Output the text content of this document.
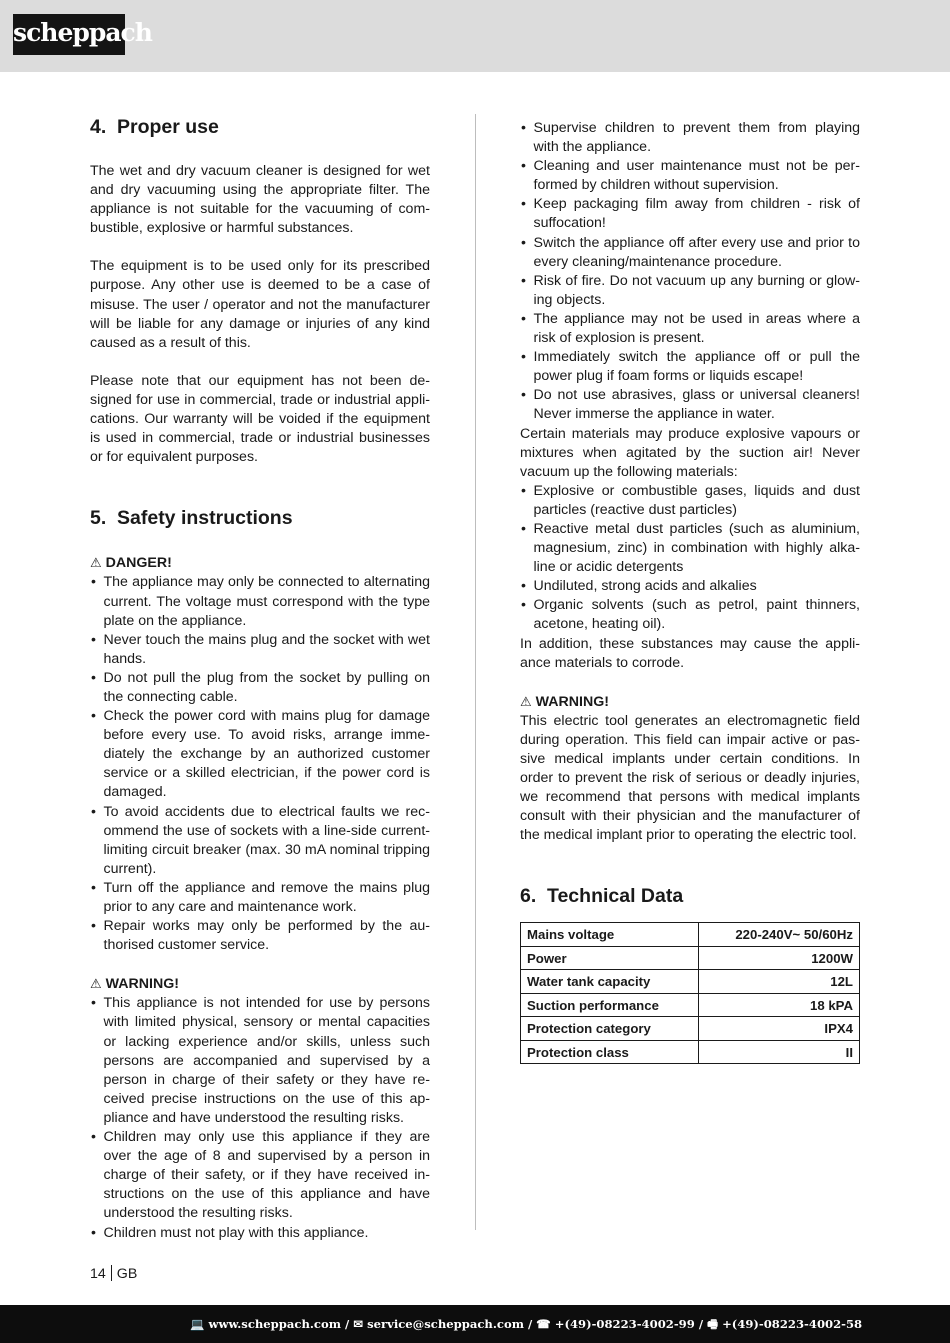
scheppach
4. Proper use

The wet and dry vacuum cleaner is designed for wet and dry vacuuming using the appropriate filter. The appliance is not suitable for the vacuuming of combustible, explosive or harmful substances.

The equipment is to be used only for its prescribed purpose. Any other use is deemed to be a case of misuse. The user / operator and not the manufacturer will be liable for any damage or injuries of any kind caused as a result of this.

Please note that our equipment has not been designed for use in commercial, trade or industrial applications. Our warranty will be voided if the equipment is used in commercial, trade or industrial businesses or for equivalent purposes.

5. Safety instructions

⚠ DANGER!

• The appliance may only be connected to alternating current. The voltage must correspond with the type plate on the appliance.
• Never touch the mains plug and the socket with wet hands.
• Do not pull the plug from the socket by pulling on the connecting cable.
• Check the power cord with mains plug for damage before every use. To avoid risks, arrange immediately the exchange by an authorized customer service or a skilled electrician, if the power cord is damaged.
• To avoid accidents due to electrical faults we recommend the use of sockets with a line-side current-limiting circuit breaker (max. 30 mA nominal tripping current).
• Turn off the appliance and remove the mains plug prior to any care and maintenance work.
• Repair works may only be performed by the authorised customer service.

⚠ WARNING!

• This appliance is not intended for use by persons with limited physical, sensory or mental capacities or lacking experience and/or skills, unless such persons are accompanied and supervised by a person in charge of their safety or they have received precise instructions on the use of this appliance and have understood the resulting risks.
• Children may only use this appliance if they are over the age of 8 and supervised by a person in charge of their safety, or if they have received instructions on the use of this appliance and have understood the resulting risks.
• Children must not play with this appliance.
• Supervise children to prevent them from playing with the appliance.
• Cleaning and user maintenance must not be performed by children without supervision.
• Keep packaging film away from children - risk of suffocation!
• Switch the appliance off after every use and prior to every cleaning/maintenance procedure.
• Risk of fire. Do not vacuum up any burning or glowing objects.
• The appliance may not be used in areas where a risk of explosion is present.
• Immediately switch the appliance off or pull the power plug if foam forms or liquids escape!
• Do not use abrasives, glass or universal cleaners! Never immerse the appliance in water.

Certain materials may produce explosive vapours or mixtures when agitated by the suction air! Never vacuum up the following materials:

• Explosive or combustible gases, liquids and dust particles (reactive dust particles)
• Reactive metal dust particles (such as aluminium, magnesium, zinc) in combination with highly alkaline or acidic detergents
• Undiluted, strong acids and alkalies
• Organic solvents (such as petrol, paint thinners, acetone, heating oil).

In addition, these substances may cause the appliance materials to corrode.

⚠ WARNING!

This electric tool generates an electromagnetic field during operation. This field can impair active or passive medical implants under certain conditions. In order to prevent the risk of serious or deadly injuries, we recommend that persons with medical implants consult with their physician and the manufacturer of the medical implant prior to operating the electric tool.

6. Technical Data
Mains voltage	220-240V~ 50/60Hz
Power	1200W
Water tank capacity	12L
Suction performance	18 kPA
Protection category	IPX4
Protection class	II
14 GB
💻 www.scheppach.com / ✉ service@scheppach.com / ☎ +(49)-08223-4002-99 / 🖷 +(49)-08223-4002-58
